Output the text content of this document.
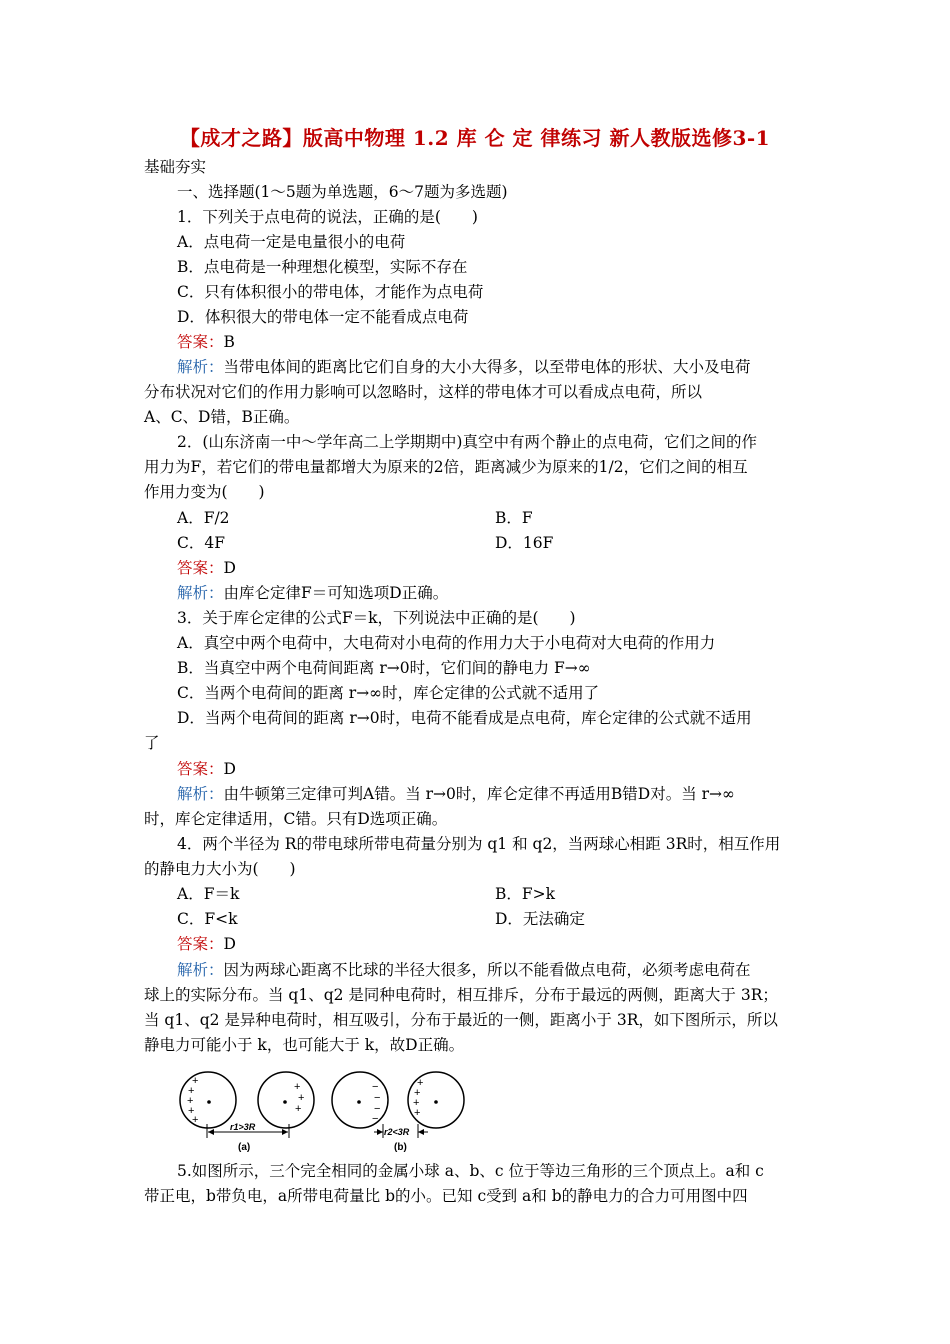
【成才之路】版高中物理 1.2 库 仑 定 律练习 新人教版选修3-1
基础夯实
一、选择题(1～5题为单选题，6～7题为多选题)
1．下列关于点电荷的说法，正确的是(　　)
A．点电荷一定是电量很小的电荷
B．点电荷是一种理想化模型，实际不存在
C．只有体积很小的带电体，才能作为点电荷
D．体积很大的带电体一定不能看成点电荷
答案：B
解析：当带电体间的距离比它们自身的大小大得多，以至带电体的形状、大小及电荷
分布状况对它们的作用力影响可以忽略时，这样的带电体才可以看成点电荷，所以
A、C、D错，B正确。
2．(山东济南一中～学年高二上学期期中)真空中有两个静止的点电荷，它们之间的作
用力为F，若它们的带电量都增大为原来的2倍，距离减少为原来的1/2，它们之间的相互
作用力变为(　　)
A．F/2	B．F
C．4F	D．16F
答案：D
解析：由库仑定律F＝可知选项D正确。
3．关于库仑定律的公式F＝k，下列说法中正确的是(　　)
A．真空中两个电荷中，大电荷对小电荷的作用力大于小电荷对大电荷的作用力
B．当真空中两个电荷间距离 r→0时，它们间的静电力 F→∞
C．当两个电荷间的距离 r→∞时，库仑定律的公式就不适用了
D．当两个电荷间的距离 r→0时，电荷不能看成是点电荷，库仑定律的公式就不适用
了
答案：D
解析：由牛顿第三定律可判A错。当 r→0时，库仑定律不再适用B错D对。当 r→∞
时，库仑定律适用，C错。只有D选项正确。
4．两个半径为 R的带电球所带电荷量分别为 q1 和 q2，当两球心相距 3R时，相互作用
的静电力大小为(　　)
A．F＝k	B．F>k
C．F<k	D．无法确定
答案：D
解析：因为两球心距离不比球的半径大很多，所以不能看做点电荷，必须考虑电荷在
球上的实际分布。当 q1、q2 是同种电荷时，相互排斥，分布于最远的两侧，距离大于 3R；
当 q1、q2 是异种电荷时，相互吸引，分布于最近的一侧，距离小于 3R，如下图所示，所以
静电力可能小于 k，也可能大于 k，故D正确。
+
+
+
+
+
+
+
+
r1>3R
(a)
−
−
−
−
+
+
+
+
r2<3R
(b)
5.如图所示，三个完全相同的金属小球 a、b、c 位于等边三角形的三个顶点上。a和 c
带正电，b带负电，a所带电荷量比 b的小。已知 c受到 a和 b的静电力的合力可用图中四
